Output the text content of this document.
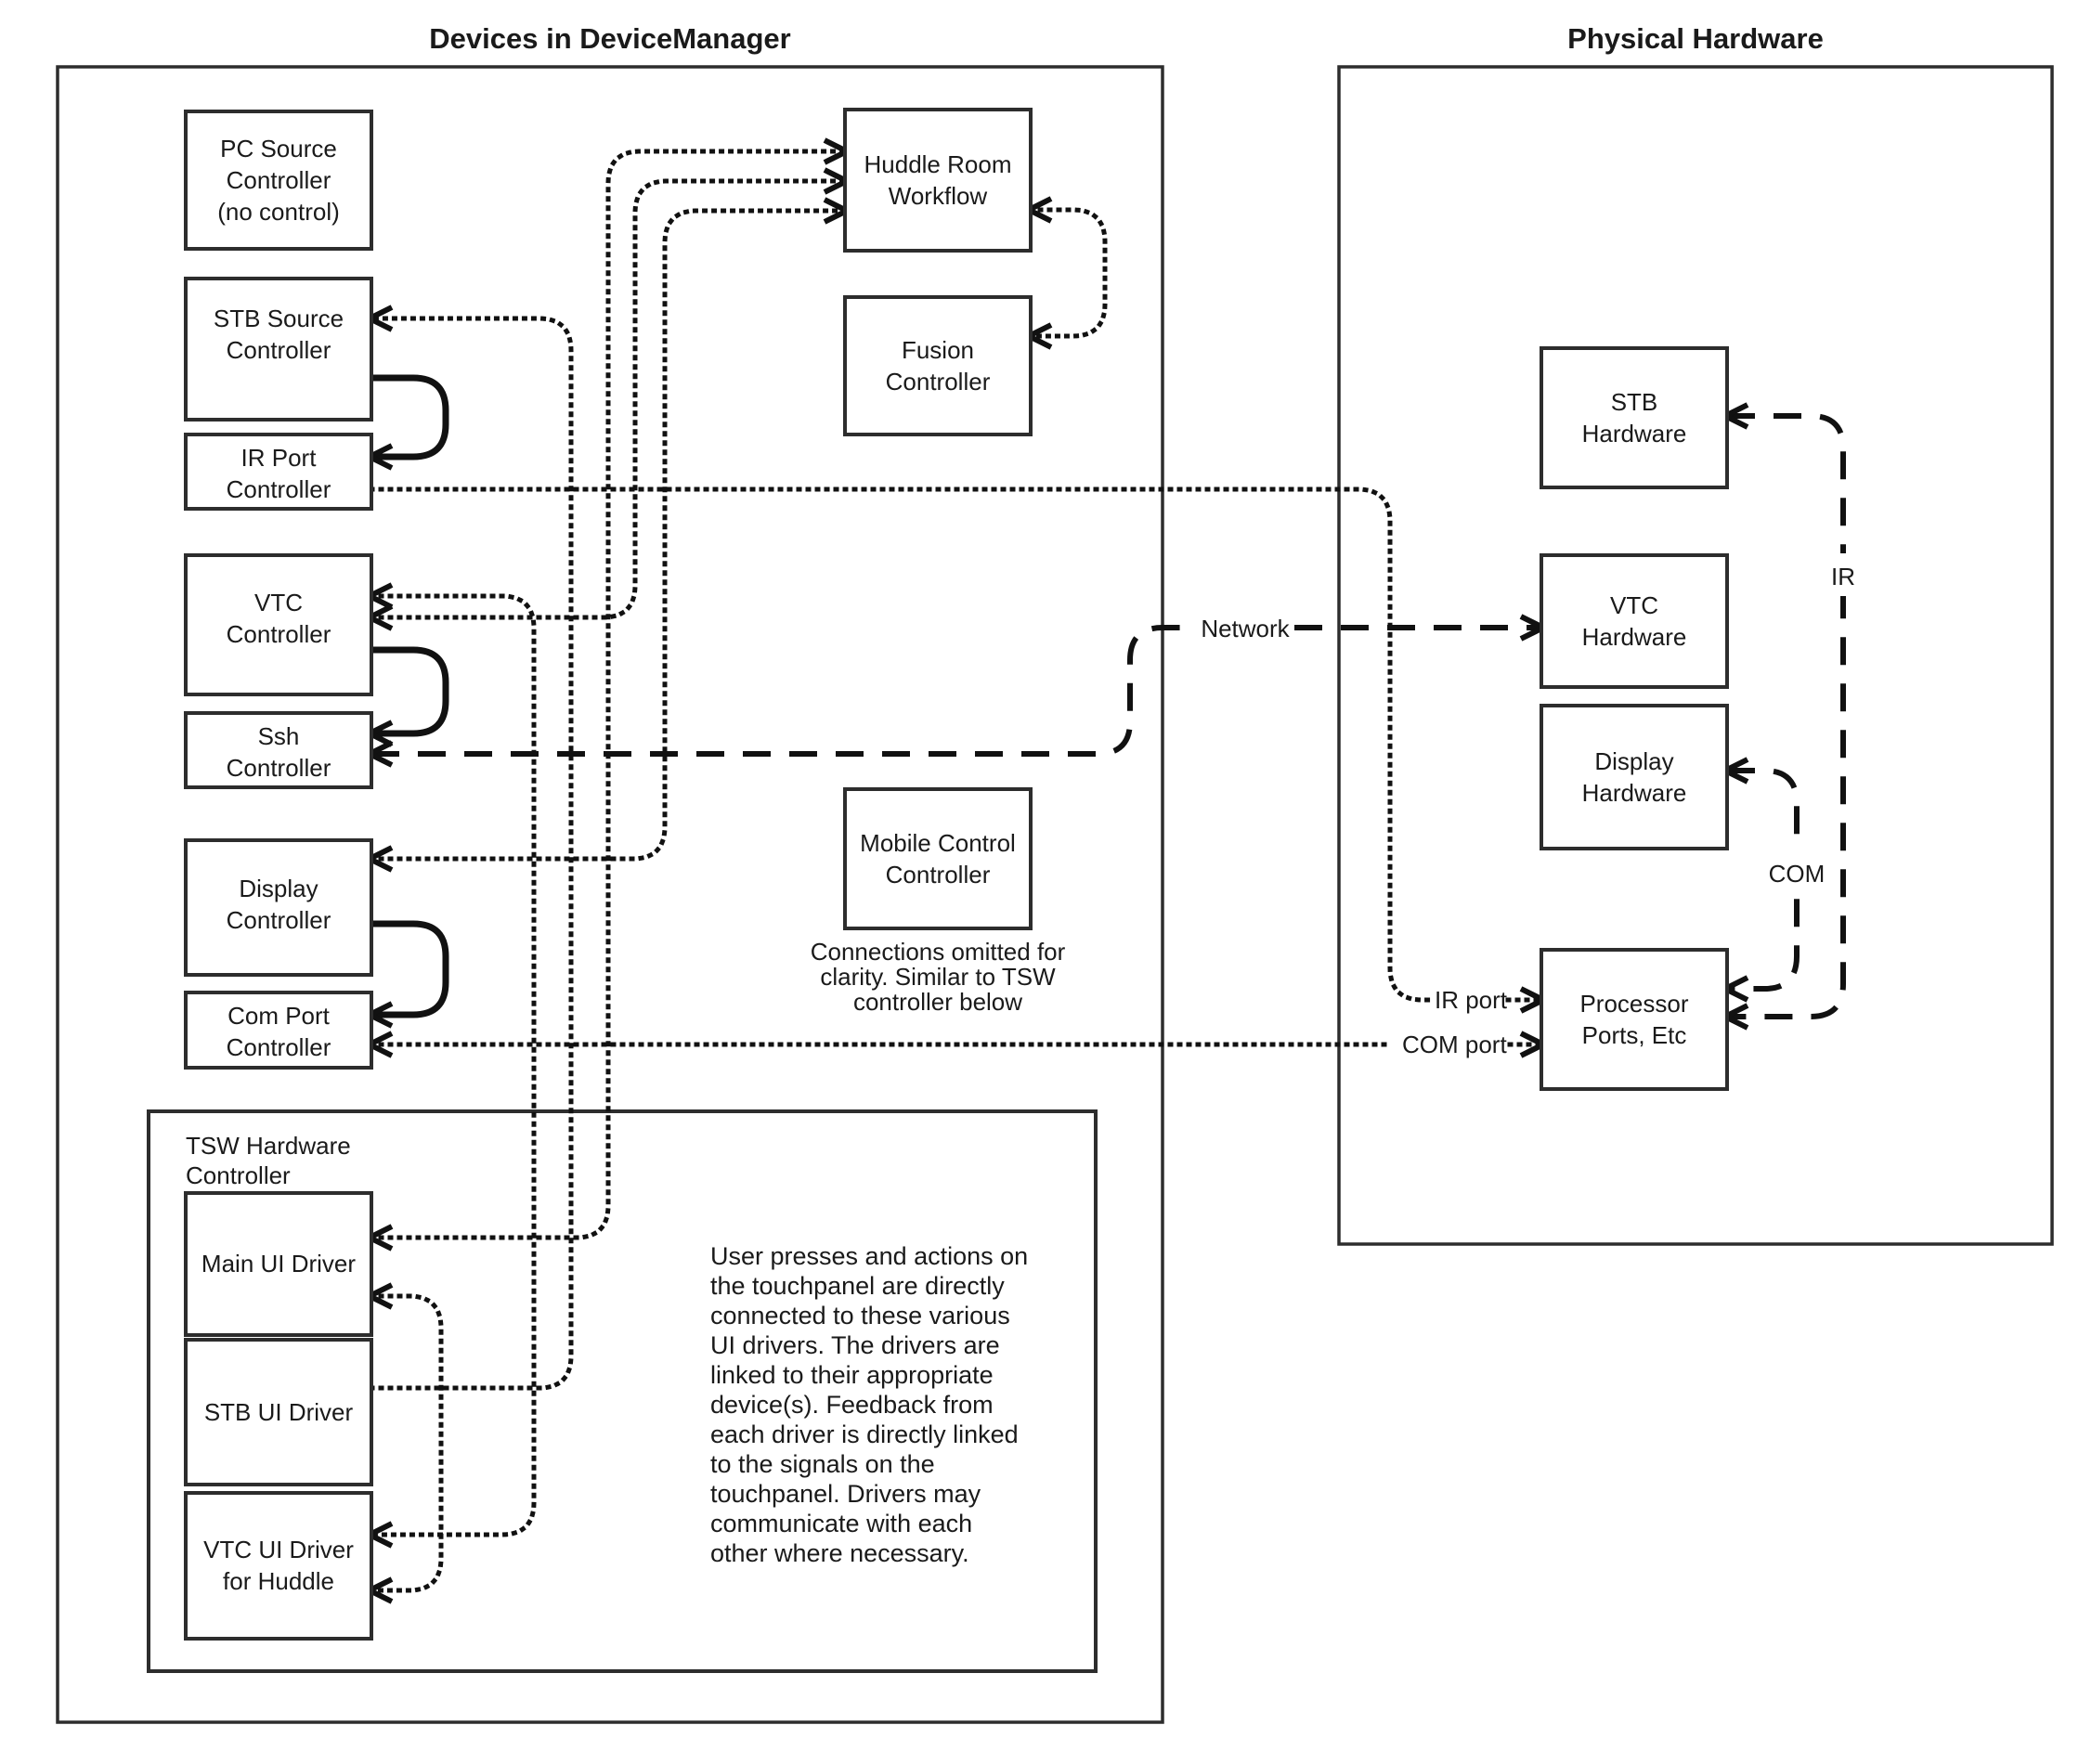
Devices in DeviceManager	Physical Hardware
TSW Hardware
Controller
IR port
COM port
Network
IR
COM
PC Source
Controller
(no control)
STB Source
Controller
IR Port
Controller
VTC
Controller
Ssh
Controller
Display
Controller
Com Port
Controller
Main UI Driver
STB UI Driver
VTC UI Driver
for Huddle
Huddle Room
Workflow
Fusion
Controller
Mobile Control
Controller
Connections omitted for
clarity. Similar to TSW
controller below
STB
Hardware
VTC
Hardware
Display
Hardware
Processor
Ports, Etc
User presses and actions on
the touchpanel are directly
connected to these various
UI drivers. The drivers are
linked to their appropriate
device(s). Feedback from
each driver is directly linked
to the signals on the
touchpanel. Drivers may
communicate with each
other where necessary.
